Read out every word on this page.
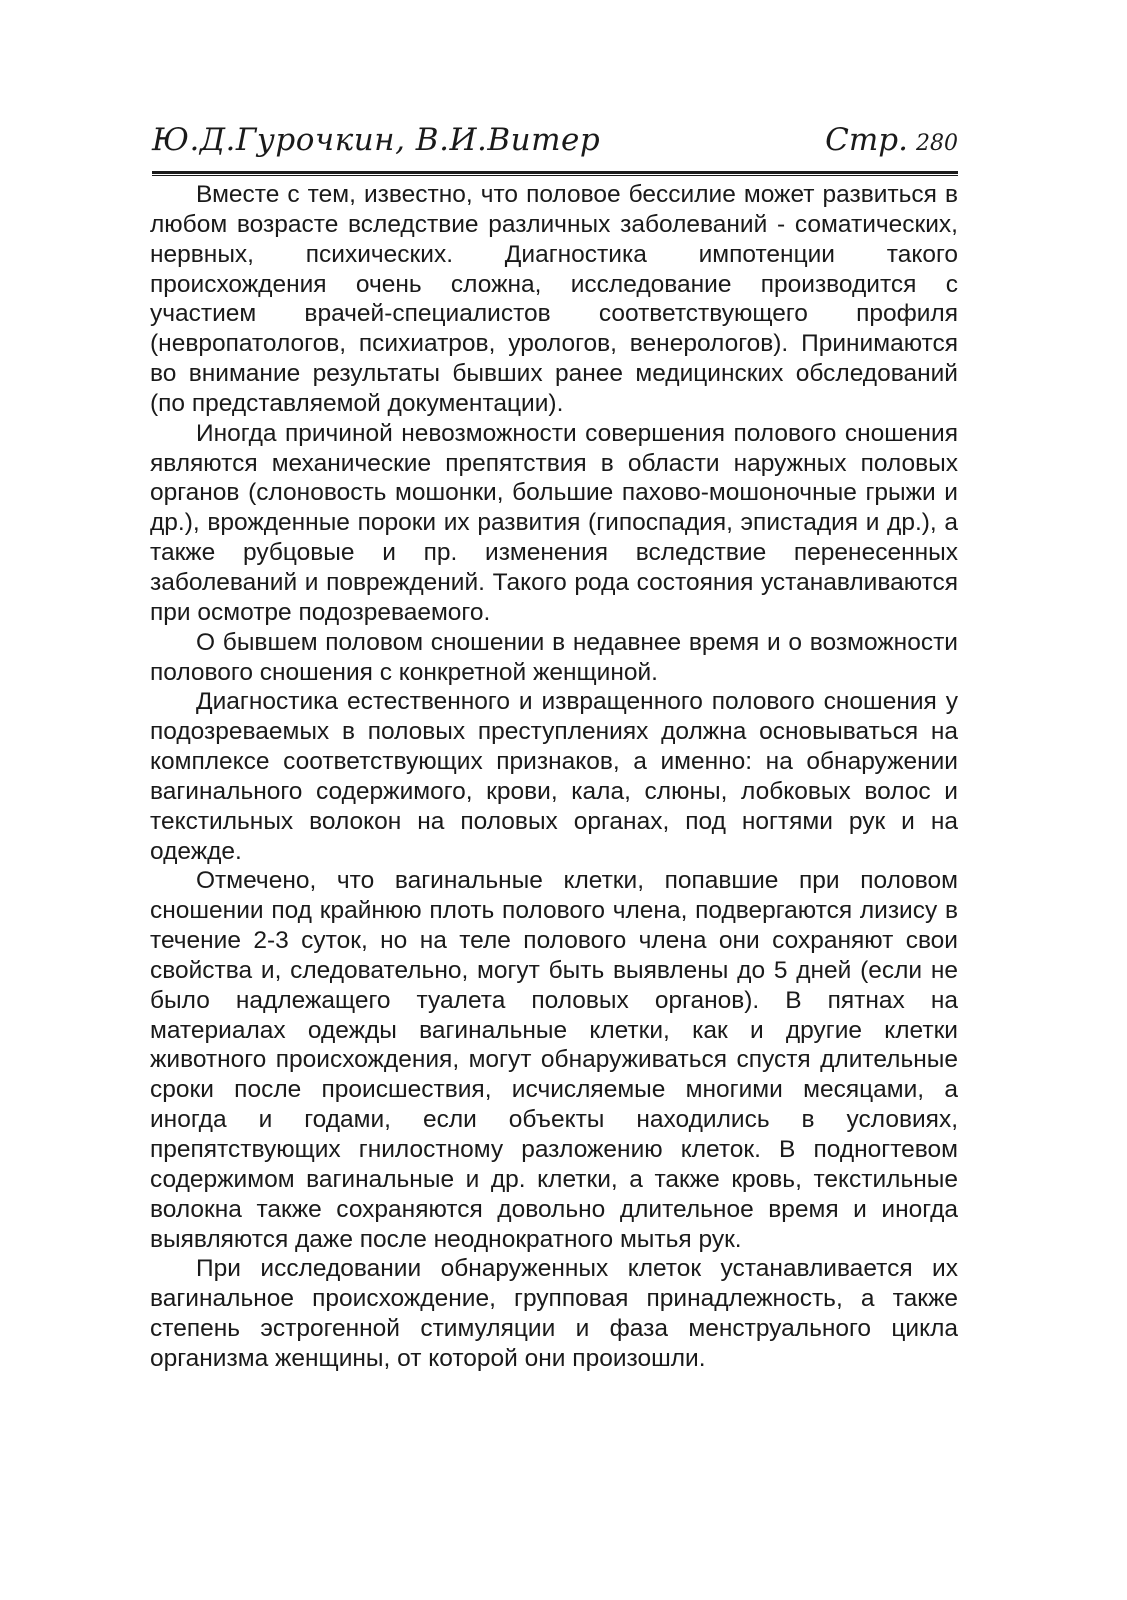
Ю.Д.Гурочкин, В.И.Витер	Стр. 280

Вместе с тем, известно, что половое бессилие может развиться в любом возрасте вследствие различных заболеваний - соматических, нервных, психических. Диагностика импотенции такого происхождения очень сложна, исследование производится с участием врачей-специалистов соответствующего профиля (невропатологов, психиатров, урологов, венерологов). Принимаются во внимание результаты бывших ранее медицинских обследований (по представляемой документации).

Иногда причиной невозможности совершения полового сношения являются механические препятствия в области наружных половых органов (слоновость мошонки, большие пахово-мошоночные грыжи и др.), врожденные пороки их развития (гипоспадия, эпистадия и др.), а также рубцовые и пр. изменения вследствие перенесенных заболеваний и повреждений. Такого рода состояния устанавливаются при осмотре подозреваемого.

О бывшем половом сношении в недавнее время и о возможности полового сношения с конкретной женщиной.

Диагностика естественного и извращенного полового сношения у подозреваемых в половых преступлениях должна основываться на комплексе соответствующих признаков, а именно: на обнаружении вагинального содержимого, крови, кала, слюны, лобковых волос и текстильных волокон на половых органах, под ногтями рук и на одежде.

Отмечено, что вагинальные клетки, попавшие при половом сношении под крайнюю плоть полового члена, подвергаются лизису в течение 2-3 суток, но на теле полового члена они сохраняют свои свойства и, следовательно, могут быть выявлены до 5 дней (если не было надлежащего туалета половых органов). В пятнах на материалах одежды вагинальные клетки, как и другие клетки животного происхождения, могут обнаруживаться спустя длительные сроки после происшествия, исчисляемые многими месяцами, а иногда и годами, если объекты находились в условиях, препятствующих гнилостному разложению клеток. В подногтевом содержимом вагинальные и др. клетки, а также кровь, текстильные волокна также сохраняются довольно длительное время и иногда выявляются даже после неоднократного мытья рук.

При исследовании обнаруженных клеток устанавливается их вагинальное происхождение, групповая принадлежность, а также степень эстрогенной стимуляции и фаза менструального цикла организма женщины, от которой они произошли.
